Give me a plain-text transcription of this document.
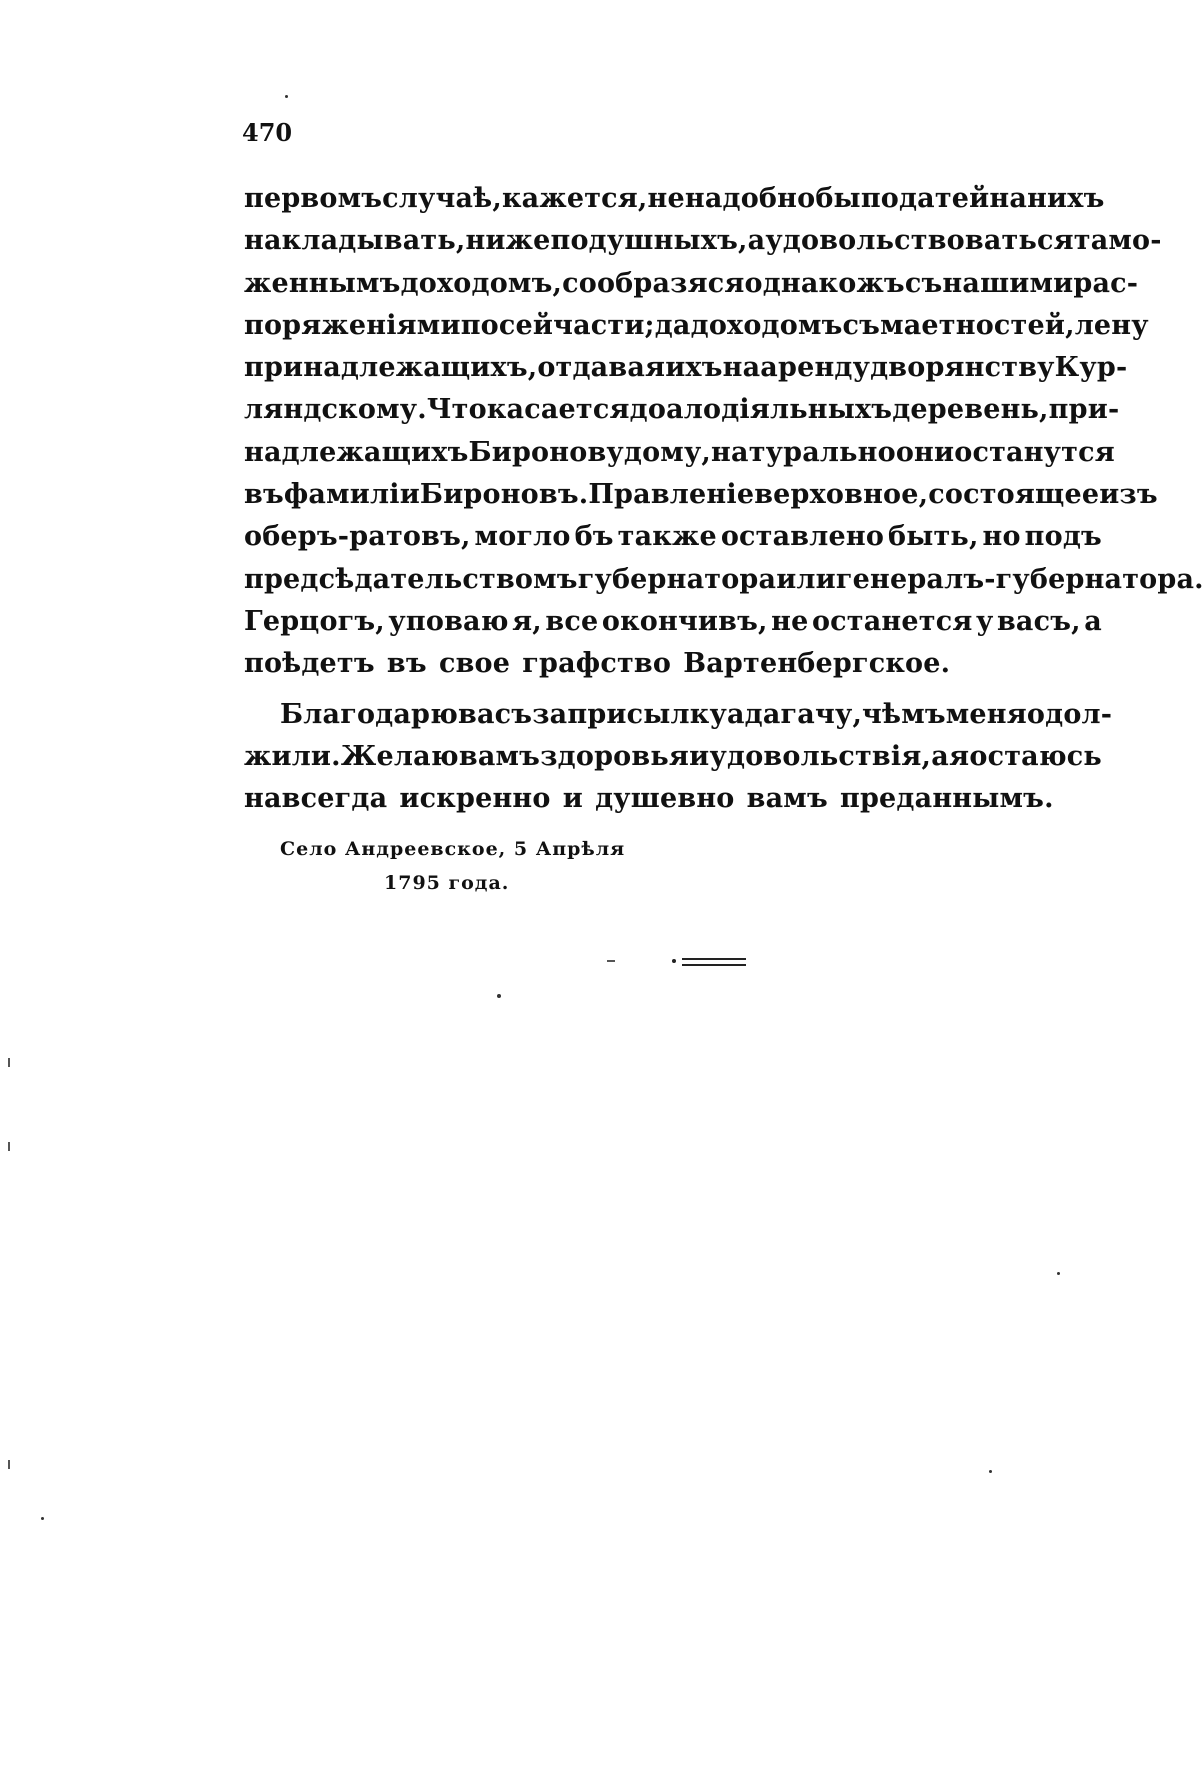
470
первомъ случаѣ, кажется, не надобно бы податей на нихъ
накладывать, ниже подушныхъ, а удовольствоваться тамо-
женнымъ доходомъ, сообразяся однакожъ съ нашими рас-
поряженіями по сей части; да доходомъ съ маетностей, лену
принадлежащихъ, отдавая ихъ на аренду дворянству Кур-
ляндскому. Что касается до алодіяльныхъ деревень, при-
надлежащихъ Биронову дому, натурально они останутся
въ фамиліи Бироновъ. Правленіе верховное, состоящее изъ
оберъ-ратовъ, могло бъ также оставлено быть, но подъ
предсѣдательствомъ губернатора или генералъ-губернатора.
Герцогъ, уповаю я, все окончивъ, не останется у васъ, а
поѣдетъ въ свое графство Вартенбергское.
Благодарю васъ за присылку адагачу, чѣмъ меня одол-
жили. Желаю вамъ здоровья и удовольствія, а я остаюсь
навсегда искренно и душевно вамъ преданнымъ.
Село Андреевское, 5 Апрѣля
1795 года.
